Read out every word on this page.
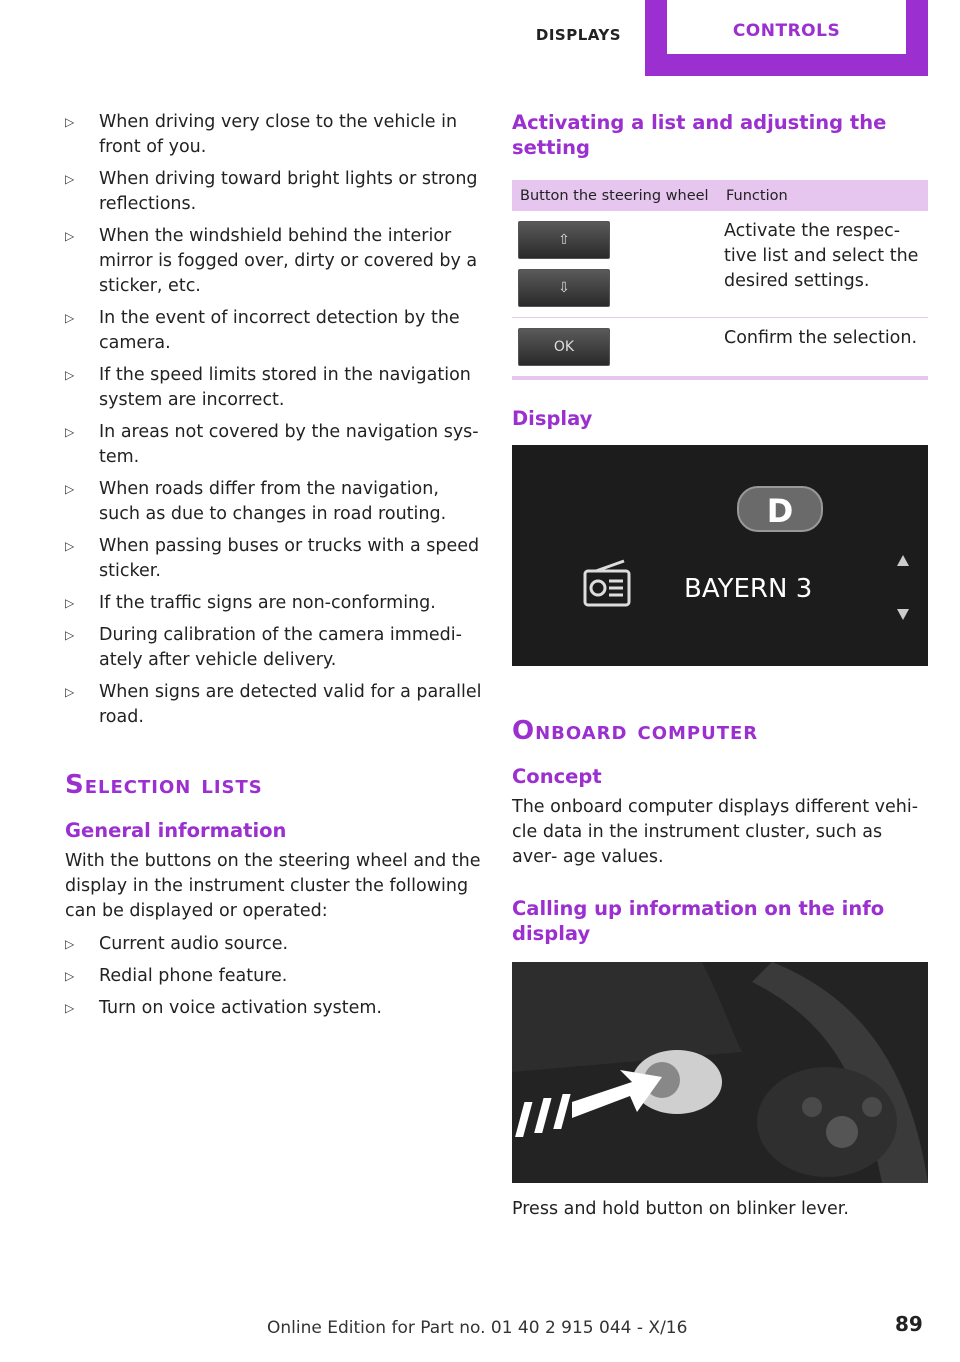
DISPLAYS	CONTROLS
▷ When driving very close to the vehicle in front of you.
▷ When driving toward bright lights or strong reflections.
▷ When the windshield behind the interior mirror is fogged over, dirty or covered by a sticker, etc.
▷ In the event of incorrect detection by the camera.
▷ If the speed limits stored in the navigation system are incorrect.
▷ In areas not covered by the navigation sys‐ tem.
▷ When roads differ from the navigation, such as due to changes in road routing.
▷ When passing buses or trucks with a speed sticker.
▷ If the traffic signs are non-conforming.
▷ During calibration of the camera immedi‐ ately after vehicle delivery.
▷ When signs are detected valid for a parallel road.
Selection lists
General information

With the buttons on the steering wheel and the display in the instrument cluster the following can be displayed or operated:

▷ Current audio source.
▷ Redial phone feature.
▷ Turn on voice activation system.
Activating a list and adjusting the setting
Button the steering wheel	Function

⇧
⇩	Activate the respec‐ tive list and select the desired settings.

OK	Confirm the selection.
Display
D
BAYERN 3
Onboard computer
Concept

The onboard computer displays different vehi‐ cle data in the instrument cluster, such as aver‐ age values.

Calling up information on the info display

Press and hold button on blinker lever.

Online Edition for Part no. 01 40 2 915 044 - X/16	89
